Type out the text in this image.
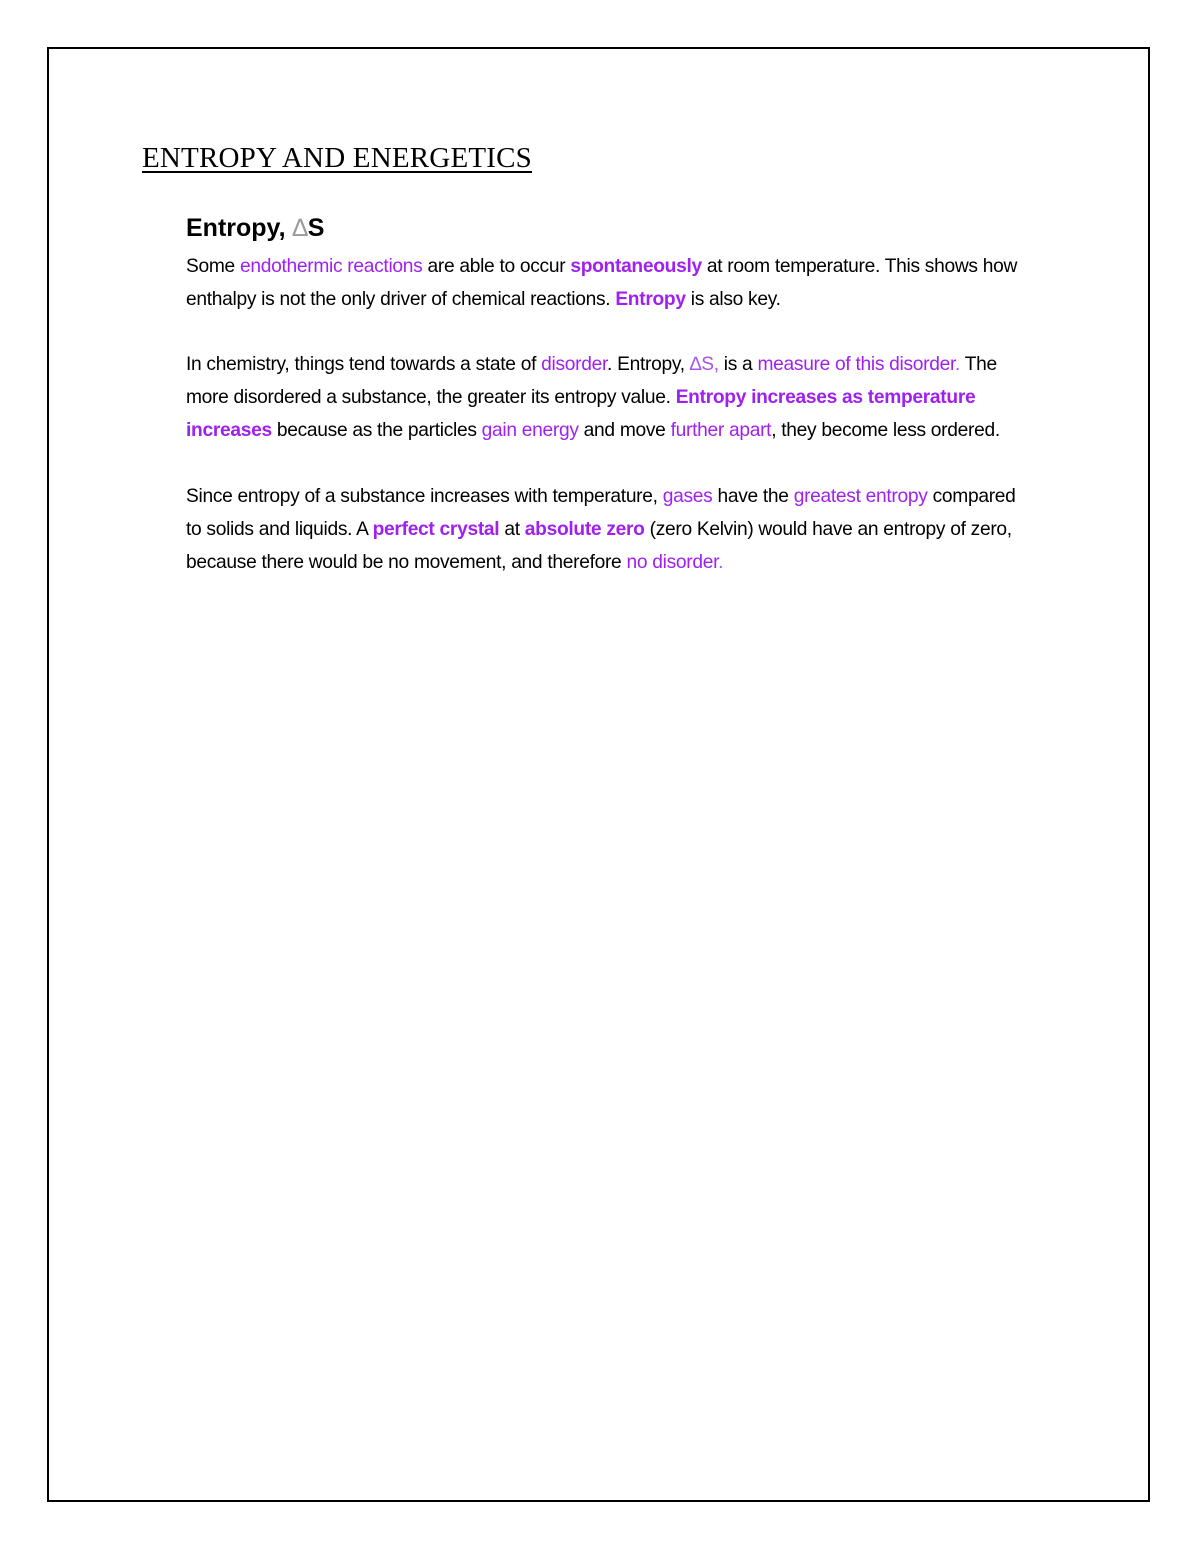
ENTROPY AND ENERGETICS
Entropy, ∆S

Some endothermic reactions are able to occur spontaneously at room temperature. This shows how enthalpy is not the only driver of chemical reactions. Entropy is also key.

In chemistry, things tend towards a state of disorder. Entropy, ∆S, is a measure of this disorder. The more disordered a substance, the greater its entropy value. Entropy increases as temperature increases because as the particles gain energy and move further apart, they become less ordered.

Since entropy of a substance increases with temperature, gases have the greatest entropy compared to solids and liquids. A perfect crystal at absolute zero (zero Kelvin) would have an entropy of zero, because there would be no movement, and therefore no disorder.
